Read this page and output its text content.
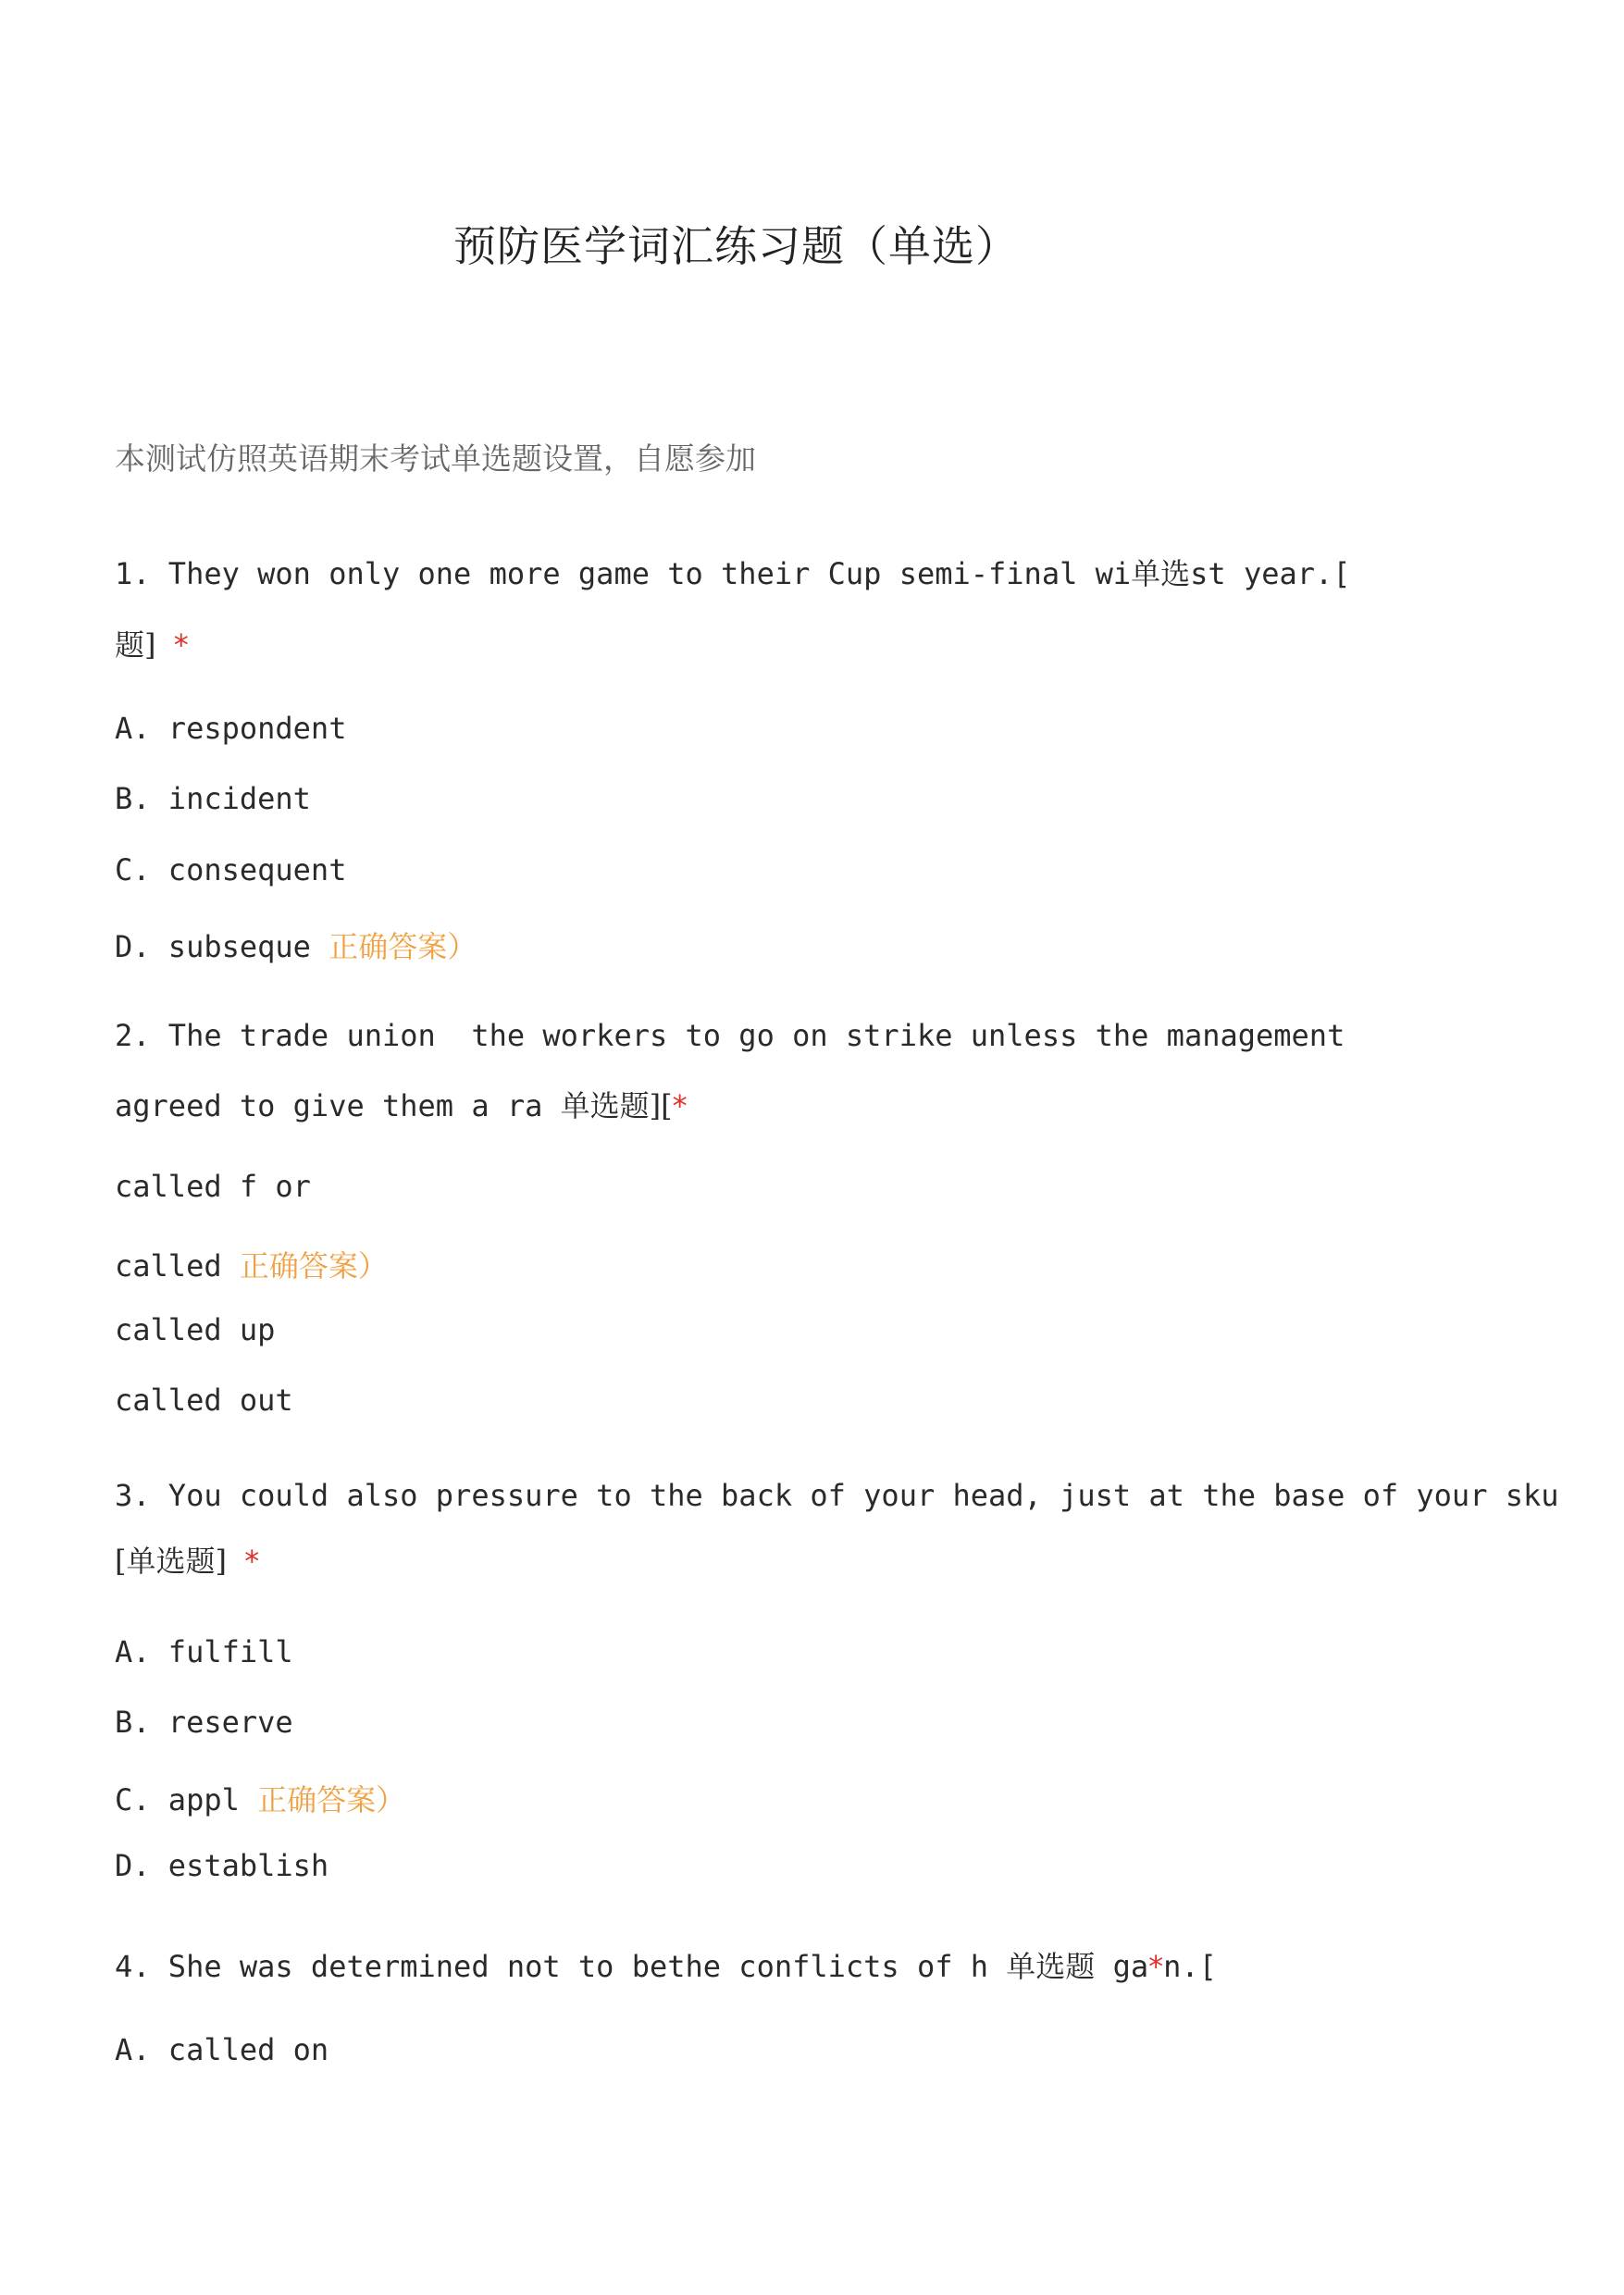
预防医学词汇练习题（单选）
本测试仿照英语期末考试单选题设置，自愿参加
1. They won only one more game to their Cup semi-final wi单选st year.[
题] *
A. respondent
B. incident
C. consequent
D. subseque 正确答案）
2. The trade union  the workers to go on strike unless the management
agreed to give them a ra 单选题][*
called f or
called 正确答案）
called up
called out
3. You could also pressure to the back of your head, just at the base of your sku
[单选题] *
A. fulfill
B. reserve
C. appl 正确答案）
D. establish
4. She was determined not to bethe conflicts of h 单选题 ga*n.[
A. called on
